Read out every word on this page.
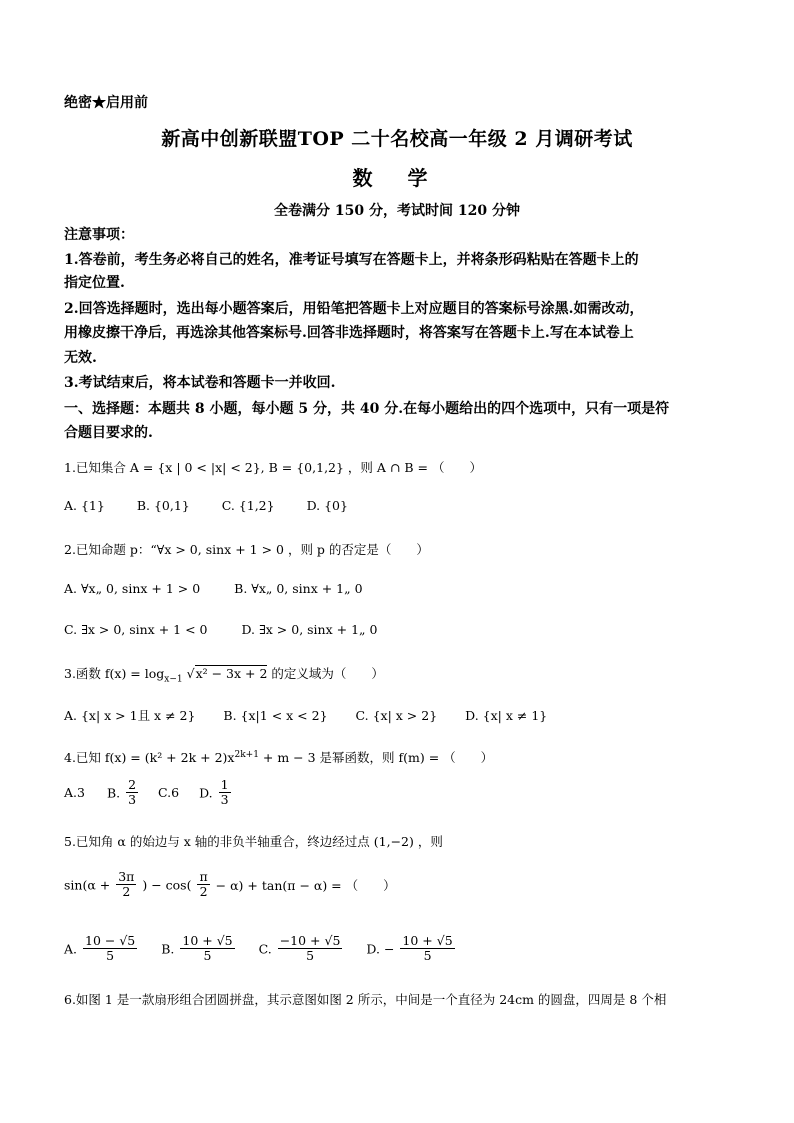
绝密★启用前
新高中创新联盟TOP 二十名校高一年级 2 月调研考试
数 学
全卷满分 150 分，考试时间 120 分钟
注意事项：
1.答卷前，考生务必将自己的姓名，准考证号填写在答题卡上，并将条形码粘贴在答题卡上的
指定位置.
2.回答选择题时，选出每小题答案后，用铅笔把答题卡上对应题目的答案标号涂黑.如需改动，
用橡皮擦干净后，再选涂其他答案标号.回答非选择题时，将答案写在答题卡上.写在本试卷上
无效.
3.考试结束后，将本试卷和答题卡一并收回.
一、选择题：本题共 8 小题，每小题 5 分，共 40 分.在每小题给出的四个选项中，只有一项是符
合题目要求的.
1.已知集合 A = {x | 0 < |x| < 2}, B = {0,1,2} ，则 A ∩ B = （　　）
A. {1}	B. {0,1}	C. {1,2}	D. {0}
2.已知命题 p：“∀x > 0, sinx + 1 > 0 ，则 p 的否定是（　　）
A. ∀x„ 0, sinx + 1 > 0	B. ∀x„ 0, sinx + 1„ 0
C. ∃x > 0, sinx + 1 < 0	D. ∃x > 0, sinx + 1„ 0
3.函数 $f(x) = \log_{x-1} √x^2 - 3x + 2$ 的定义域为（　　）
A. {x| x > 1且 x ≠ 2} B. {x|1 < x < 2} C. {x| x > 2} D. {x| x ≠ 1}
4.已知 $f(x) = (k^2 + 2k + 2)x^{2k+1} + m - 3$ 是幂函数，则 f(m) = （　　）
A.3 B. $\frac{2}{3} C.6$ D. $\frac{1}{3}$
5.已知角 α 的始边与 x 轴的非负半轴重合，终边经过点 (1,−2) ，则
$\sin(\alpha + \frac{3\pi}{2}$ ) − $\cos( \frac{\pi}{2} - \alpha) + \tan(\pi - \alpha)$ = （　　）
A. $\frac{10 - √5}{5} B$. $\frac{10 + √5}{5} C$. $\frac{-10 + √5}{5} D$. − $\frac{10 + √5}{5}$
6.如图 1 是一款扇形组合团圆拼盘，其示意图如图 2 所示，中间是一个直径为 24cm 的圆盘，四周是 8 个相
